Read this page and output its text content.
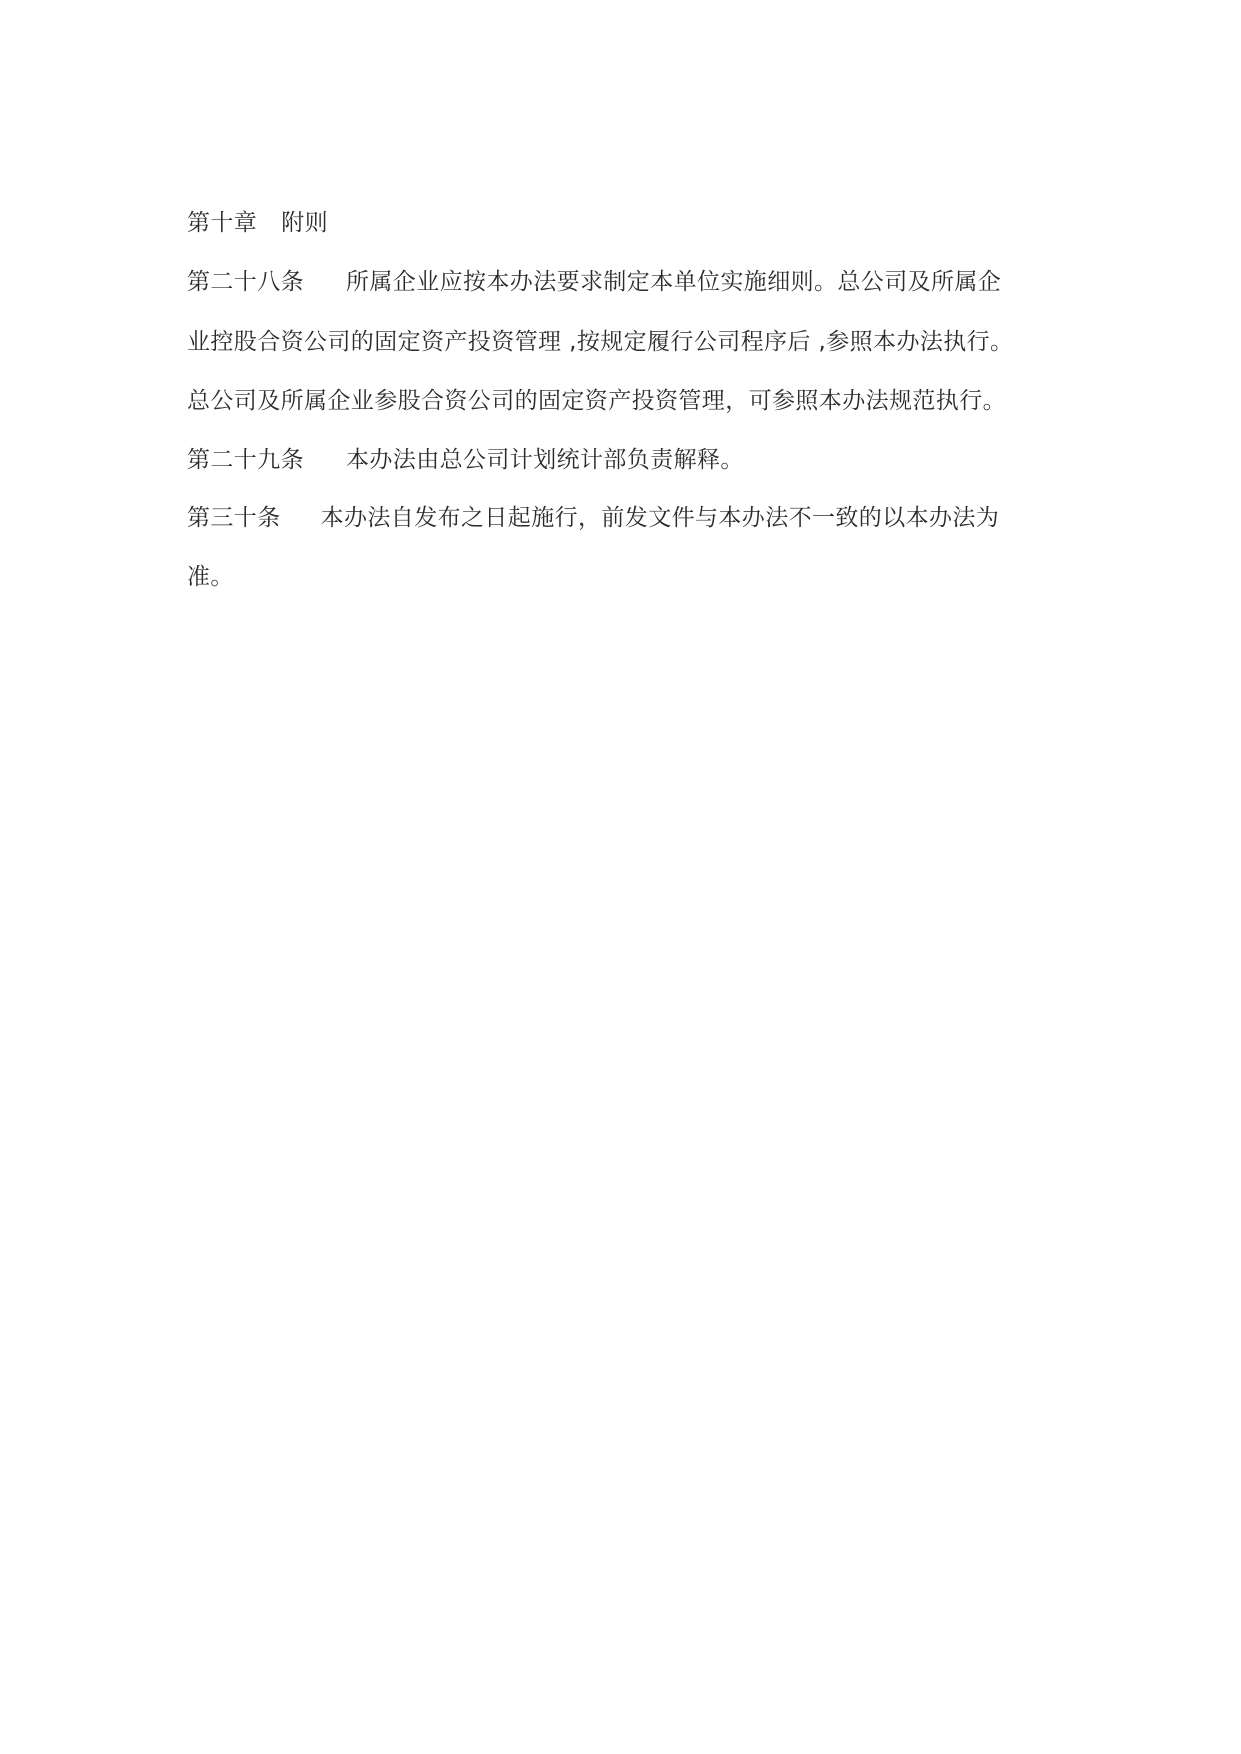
第十章 附则
第二十八条 所属企业应按本办法要求制定本单位实施细则。总公司及所属企
业控股合资公司的固定资产投资管理 ,按规定履行公司程序后 ,参照本办法执行。
总公司及所属企业参股合资公司的固定资产投资管理，可参照本办法规范执行。
第二十九条 本办法由总公司计划统计部负责解释。
第三十条 本办法自发布之日起施行，前发文件与本办法不一致的以本办法为
准。
